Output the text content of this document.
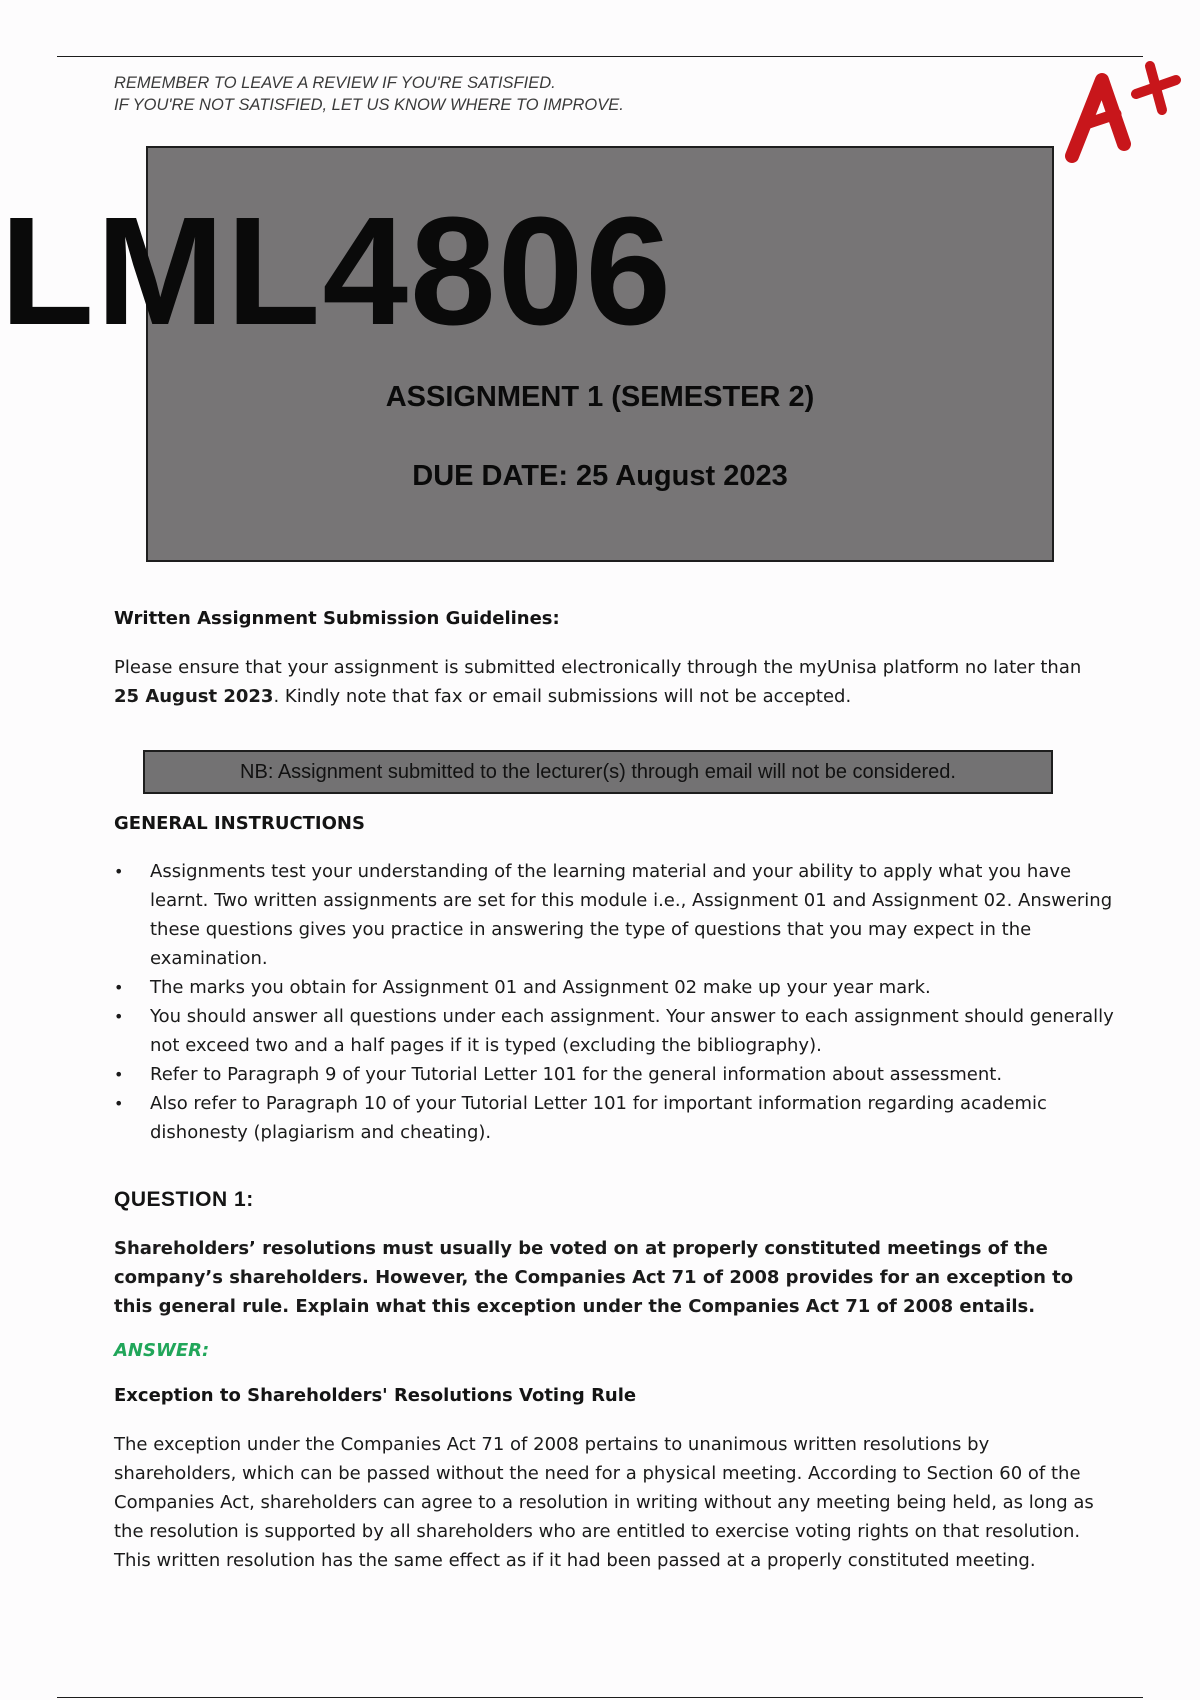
REMEMBER TO LEAVE A REVIEW IF YOU'RE SATISFIED.
IF YOU'RE NOT SATISFIED, LET US KNOW WHERE TO IMPROVE.
LML4806
ASSIGNMENT 1 (SEMESTER 2)
DUE DATE: 25 August 2023
Written Assignment Submission Guidelines:
Please ensure that your assignment is submitted electronically through the myUnisa platform no later than 25 August 2023. Kindly note that fax or email submissions will not be accepted.
NB: Assignment submitted to the lecturer(s) through email will not be considered.
GENERAL INSTRUCTIONS
• Assignments test your understanding of the learning material and your ability to apply what you have learnt. Two written assignments are set for this module i.e., Assignment 01 and Assignment 02. Answering these questions gives you practice in answering the type of questions that you may expect in the examination.
• The marks you obtain for Assignment 01 and Assignment 02 make up your year mark.
• You should answer all questions under each assignment. Your answer to each assignment should generally not exceed two and a half pages if it is typed (excluding the bibliography).
• Refer to Paragraph 9 of your Tutorial Letter 101 for the general information about assessment.
• Also refer to Paragraph 10 of your Tutorial Letter 101 for important information regarding academic dishonesty (plagiarism and cheating).
QUESTION 1:
Shareholders’ resolutions must usually be voted on at properly constituted meetings of the company’s shareholders. However, the Companies Act 71 of 2008 provides for an exception to this general rule. Explain what this exception under the Companies Act 71 of 2008 entails.
ANSWER:
Exception to Shareholders' Resolutions Voting Rule
The exception under the Companies Act 71 of 2008 pertains to unanimous written resolutions by shareholders, which can be passed without the need for a physical meeting. According to Section 60 of the Companies Act, shareholders can agree to a resolution in writing without any meeting being held, as long as the resolution is supported by all shareholders who are entitled to exercise voting rights on that resolution. This written resolution has the same effect as if it had been passed at a properly constituted meeting.
